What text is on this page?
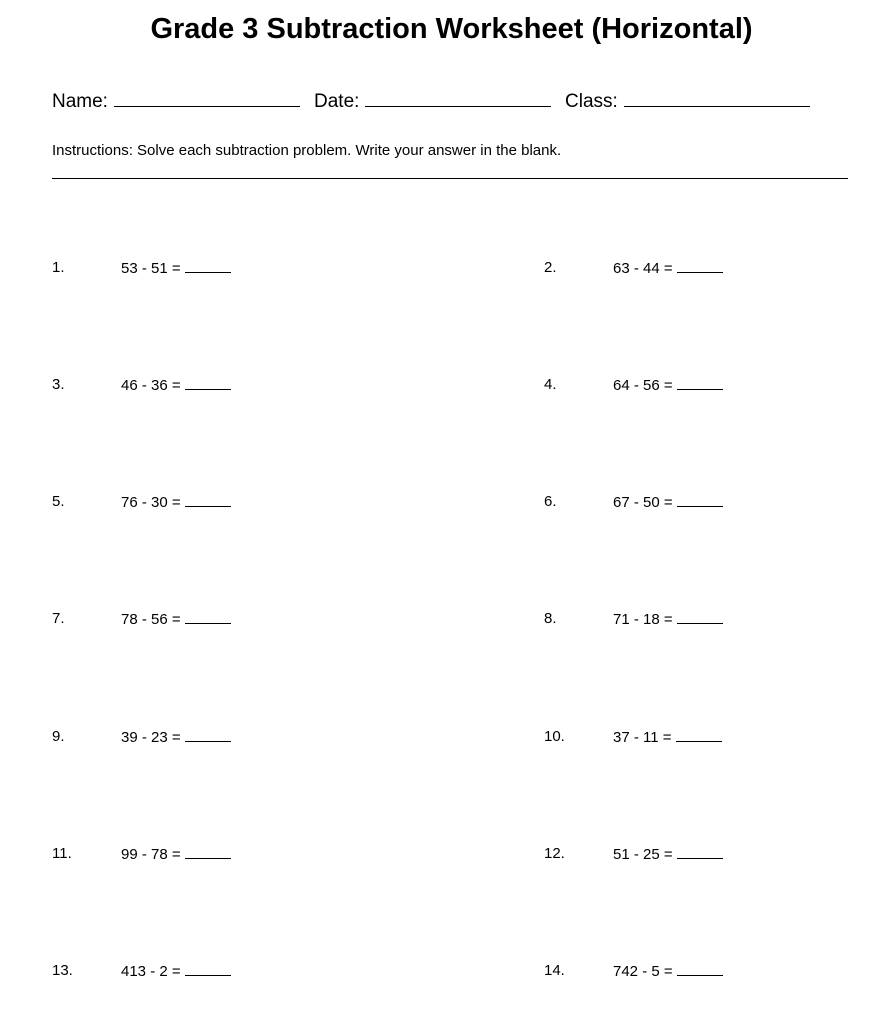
Grade 3 Subtraction Worksheet (Horizontal)
Name:	Date:	Class:
Instructions: Solve each subtraction problem. Write your answer in the blank.
1.	53 - 51 =	2.	63 - 44 =
3.	46 - 36 =	4.	64 - 56 =
5.	76 - 30 =	6.	67 - 50 =
7.	78 - 56 =	8.	71 - 18 =
9.	39 - 23 =	10.	37 - 11 =
11.	99 - 78 =	12.	51 - 25 =
13.	413 - 2 =	14.	742 - 5 =
